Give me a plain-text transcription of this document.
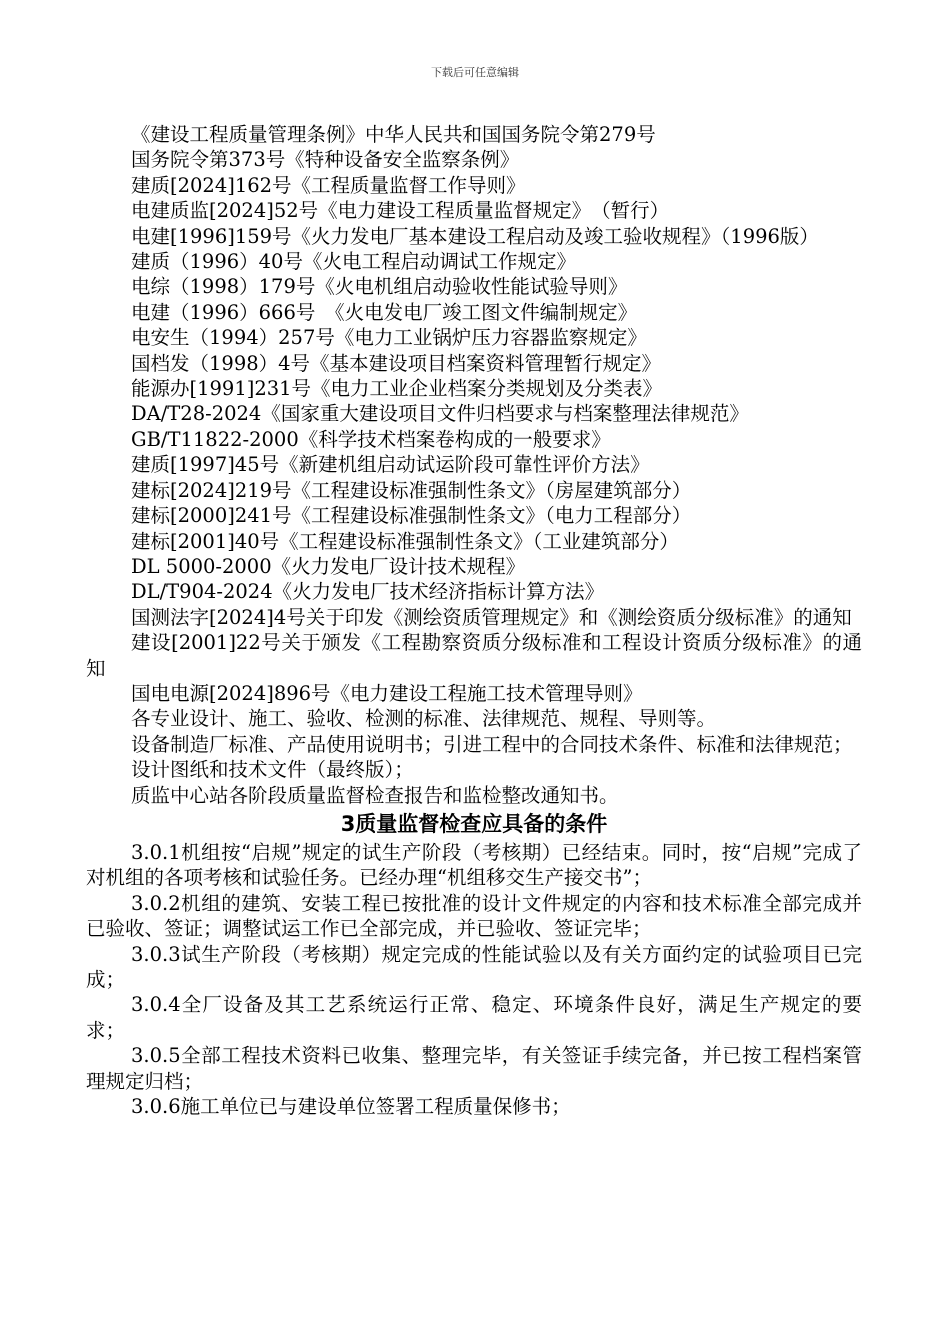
下载后可任意编辑
《建设工程质量管理条例》中华人民共和国国务院令第279号
国务院令第373号《特种设备安全监察条例》
建质[2024]162号《工程质量监督工作导则》
电建质监[2024]52号《电力建设工程质量监督规定》　（暂行）
电建[1996]159号《火力发电厂基本建设工程启动及竣工验收规程》（1996版）
建质（1996）40号《火电工程启动调试工作规定》
电综（1998）179号《火电机组启动验收性能试验导则》
电建（1996）666号　《火电发电厂竣工图文件编制规定》
电安生（1994）257号《电力工业锅炉压力容器监察规定》
国档发（1998）4号《基本建设项目档案资料管理暂行规定》
能源办[1991]231号《电力工业企业档案分类规划及分类表》
DA/T28-2024《国家重大建设项目文件归档要求与档案整理法律规范》
GB/T11822-2000《科学技术档案卷构成的一般要求》
建质[1997]45号《新建机组启动试运阶段可靠性评价方法》
建标[2024]219号《工程建设标准强制性条文》（房屋建筑部分）
建标[2000]241号《工程建设标准强制性条文》（电力工程部分）
建标[2001]40号《工程建设标准强制性条文》（工业建筑部分）
DL 5000-2000《火力发电厂设计技术规程》
DL/T904-2024《火力发电厂技术经济指标计算方法》
国测法字[2024]4号关于印发《测绘资质管理规定》和《测绘资质分级标准》的通知
建设[2001]22号关于颁发《工程勘察资质分级标准和工程设计资质分级标准》的通知
国电电源[2024]896号《电力建设工程施工技术管理导则》
各专业设计、施工、验收、检测的标准、法律规范、规程、导则等。
设备制造厂标准、产品使用说明书；引进工程中的合同技术条件、标准和法律规范；
设计图纸和技术文件（最终版）；
质监中心站各阶段质量监督检查报告和监检整改通知书。
3质量监督检查应具备的条件
3.0.1机组按“启规”规定的试生产阶段（考核期）已经结束。同时，按“启规”完成了对机组的各项考核和试验任务。已经办理“机组移交生产接交书”；
3.0.2机组的建筑、安装工程已按批准的设计文件规定的内容和技术标准全部完成并已验收、签证；调整试运工作已全部完成，并已验收、签证完毕；
3.0.3试生产阶段（考核期）规定完成的性能试验以及有关方面约定的试验项目已完成；
3.0.4全厂设备及其工艺系统运行正常、稳定、环境条件良好，满足生产规定的要求；
3.0.5全部工程技术资料已收集、整理完毕，有关签证手续完备，并已按工程档案管理规定归档；
3.0.6施工单位已与建设单位签署工程质量保修书；
